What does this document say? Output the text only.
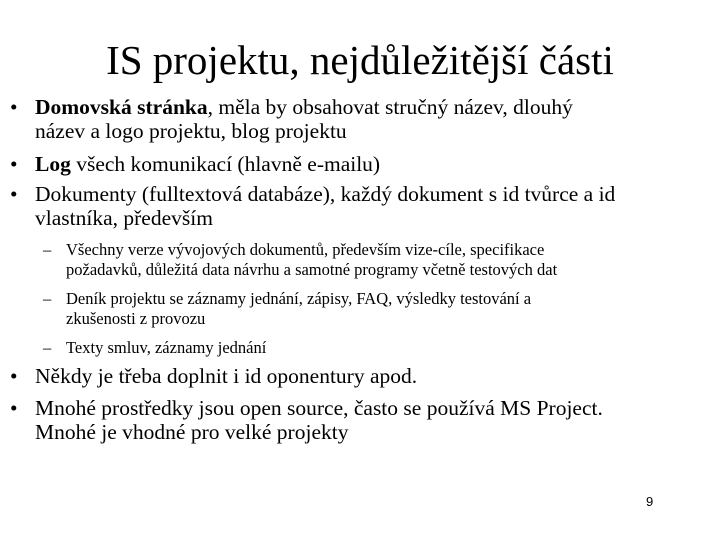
IS projektu, nejdůležitější části
• Domovská stránka, měla by obsahovat stručný název, dlouhý
název a logo projektu, blog projektu
• Log všech komunikací (hlavně e-mailu)
• Dokumenty (fulltextová databáze), každý dokument s id tvůrce a id
vlastníka, především
– Všechny verze vývojových dokumentů, především vize-cíle, specifikace
požadavků, důležitá data návrhu a samotné programy včetně testových dat
– Deník projektu se záznamy jednání, zápisy, FAQ, výsledky testování a
zkušenosti z provozu
– Texty smluv, záznamy jednání
• Někdy je třeba doplnit i id oponentury apod.
• Mnohé prostředky jsou open source, často se používá MS Project.
Mnohé je vhodné pro velké projekty
9
